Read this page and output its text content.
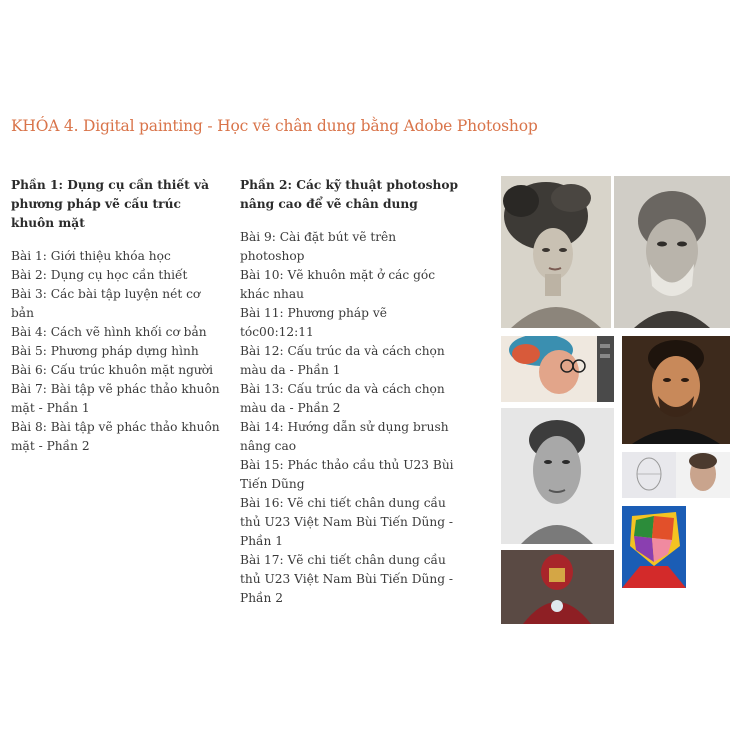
KHÓA 4. Digital painting - Học vẽ chân dung bằng Adobe Photoshop
Phần 1: Dụng cụ cần thiết và phương pháp vẽ cấu trúc khuôn mặt
Bài 1: Giới thiệu khóa học
Bài 2: Dụng cụ học cần thiết
Bài 3: Các bài tập luyện nét cơ bản
Bài 4: Cách vẽ hình khối cơ bản
Bài 5: Phương pháp dựng hình
Bài 6: Cấu trúc khuôn mặt người
Bài 7: Bài tập vẽ phác thảo khuôn mặt - Phần 1
Bài 8: Bài tập vẽ phác thảo khuôn mặt - Phần 2
Phần 2: Các kỹ thuật photoshop nâng cao để vẽ chân dung
Bài 9: Cài đặt bút vẽ trên photoshop
Bài 10: Vẽ khuôn mặt ở các góc khác nhau
Bài 11: Phương pháp vẽ tóc00:12:11
Bài 12: Cấu trúc da và cách chọn màu da - Phần 1
Bài 13: Cấu trúc da và cách chọn màu da - Phần 2
Bài 14: Hướng dẫn sử dụng brush nâng cao
Bài 15: Phác thảo cầu thủ U23 Bùi Tiến Dũng
Bài 16: Vẽ chi tiết chân dung cầu thủ U23 Việt Nam Bùi Tiến Dũng - Phần 1
Bài 17: Vẽ chi tiết chân dung cầu thủ U23 Việt Nam Bùi Tiến Dũng - Phần 2
